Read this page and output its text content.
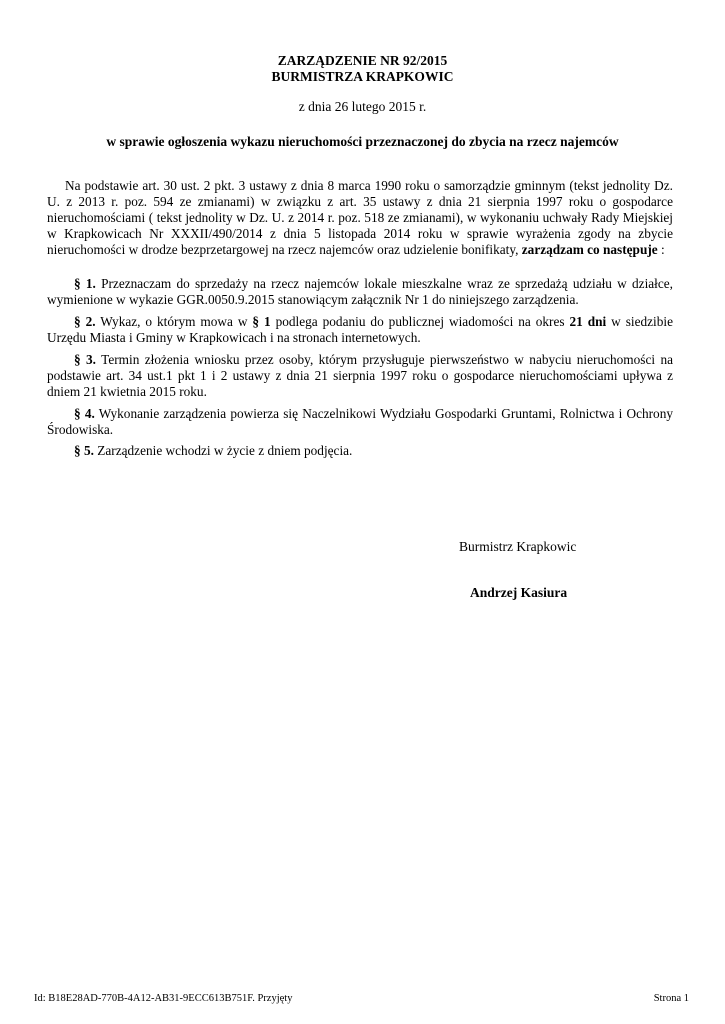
ZARZĄDZENIE NR 92/2015
BURMISTRZA KRAPKOWIC
z dnia 26 lutego 2015 r.
w sprawie ogłoszenia wykazu nieruchomości przeznaczonej do zbycia na rzecz najemców
Na podstawie art. 30 ust. 2 pkt. 3 ustawy z dnia 8 marca 1990 roku o samorządzie gminnym (tekst jednolity Dz. U. z 2013 r. poz. 594 ze zmianami) w związku z art. 35 ustawy z dnia 21 sierpnia 1997 roku o gospodarce nieruchomościami ( tekst jednolity w Dz. U. z 2014 r. poz. 518 ze zmianami), w wykonaniu uchwały Rady Miejskiej w Krapkowicach Nr XXXII/490/2014 z dnia 5 listopada 2014 roku w sprawie wyrażenia zgody na zbycie nieruchomości w drodze bezprzetargowej na rzecz najemców oraz udzielenie bonifikaty, zarządzam co następuje :
§ 1. Przeznaczam do sprzedaży na rzecz najemców lokale mieszkalne wraz ze sprzedażą udziału w działce, wymienione w wykazie GGR.0050.9.2015 stanowiącym załącznik Nr 1 do niniejszego zarządzenia.
§ 2. Wykaz, o którym mowa w § 1 podlega podaniu do publicznej wiadomości na okres 21 dni w siedzibie Urzędu Miasta i Gminy w Krapkowicach i na stronach internetowych.
§ 3. Termin złożenia wniosku przez osoby, którym przysługuje pierwszeństwo w nabyciu nieruchomości na podstawie art. 34 ust.1 pkt 1 i 2 ustawy z dnia 21 sierpnia 1997 roku o gospodarce nieruchomościami upływa z dniem 21 kwietnia 2015 roku.
§ 4. Wykonanie zarządzenia powierza się Naczelnikowi Wydziału Gospodarki Gruntami, Rolnictwa i Ochrony Środowiska.
§ 5. Zarządzenie wchodzi w życie z dniem podjęcia.
Burmistrz Krapkowic
Andrzej Kasiura
Id: B18E28AD-770B-4A12-AB31-9ECC613B751F. Przyjęty	Strona 1
